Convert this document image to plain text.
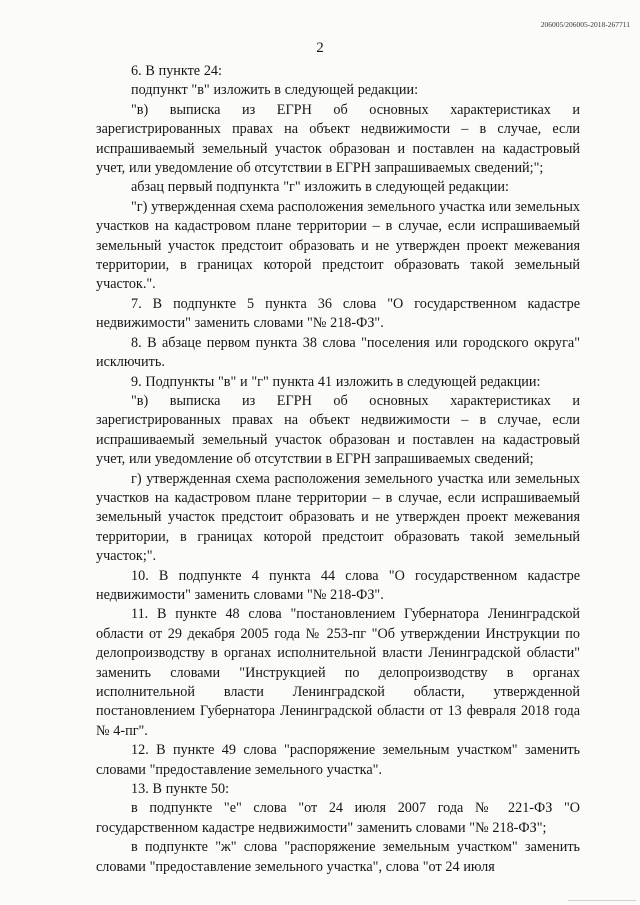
206005/206005-2018-267711
2

6. В пункте 24:

подпункт "в" изложить в следующей редакции:

"в) выписка из ЕГРН об основных характеристиках и зарегистрированных правах на объект недвижимости – в случае, если испрашиваемый земельный участок образован и поставлен на кадастровый учет, или уведомление об отсутствии в ЕГРН запрашиваемых сведений;";

абзац первый подпункта "г" изложить в следующей редакции:

"г) утвержденная схема расположения земельного участка или земельных участков на кадастровом плане территории – в случае, если испрашиваемый земельный участок предстоит образовать и не утвержден проект межевания территории, в границах которой предстоит образовать такой земельный участок.".

7. В подпункте 5 пункта 36 слова "О государственном кадастре недвижимости" заменить словами "№ 218-ФЗ".

8. В абзаце первом пункта 38 слова "поселения или городского округа" исключить.

9. Подпункты "в" и "г" пункта 41 изложить в следующей редакции:

"в) выписка из ЕГРН об основных характеристиках и зарегистрированных правах на объект недвижимости – в случае, если испрашиваемый земельный участок образован и поставлен на кадастровый учет, или уведомление об отсутствии в ЕГРН запрашиваемых сведений;

г) утвержденная схема расположения земельного участка или земельных участков на кадастровом плане территории – в случае, если испрашиваемый земельный участок предстоит образовать и не утвержден проект межевания территории, в границах которой предстоит образовать такой земельный участок;".

10. В подпункте 4 пункта 44 слова "О государственном кадастре недвижимости" заменить словами "№ 218-ФЗ".

11. В пункте 48 слова "постановлением Губернатора Ленинградской области от 29 декабря 2005 года № 253-пг "Об утверждении Инструкции по делопроизводству в органах исполнительной власти Ленинградской области" заменить словами "Инструкцией по делопроизводству в органах исполнительной власти Ленинградской области, утвержденной постановлением Губернатора Ленинградской области от 13 февраля 2018 года № 4-пг".

12. В пункте 49 слова "распоряжение земельным участком" заменить словами "предоставление земельного участка".

13. В пункте 50:

в подпункте "е" слова "от 24 июля 2007 года № 221-ФЗ "О государственном кадастре недвижимости" заменить словами "№ 218-ФЗ";

в подпункте "ж" слова "распоряжение земельным участком" заменить словами "предоставление земельного участка", слова "от 24 июля
